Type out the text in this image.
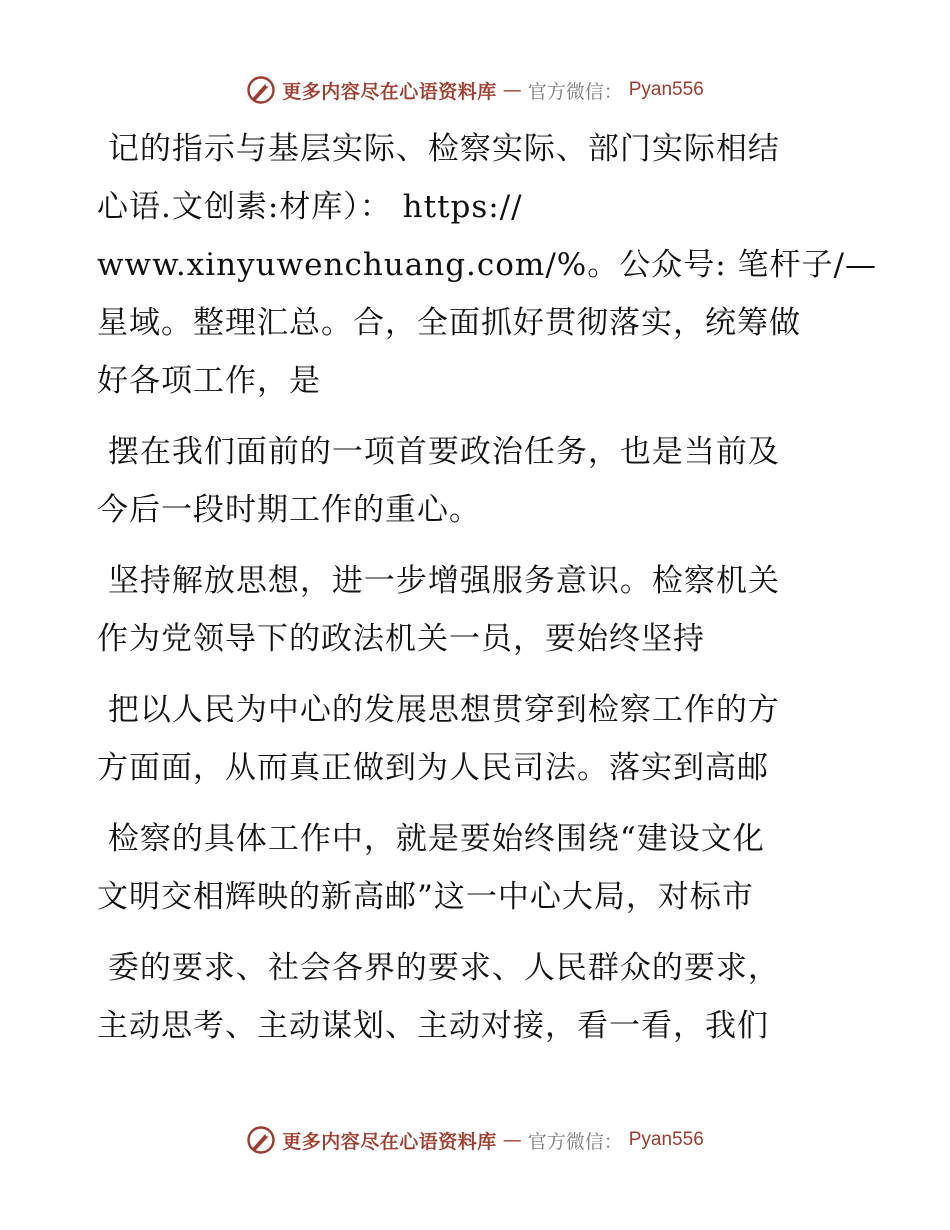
更多内容尽在心语资料库 — 官方微信： Pyan556
记的指示与基层实际、检察实际、部门实际相结
心语.文创素:材库）： https://
www.xinyuwenchuang.com/%。公众号: 笔杆子/—
星域。整理汇总。合，全面抓好贯彻落实，统筹做
好各项工作，是
摆在我们面前的一项首要政治任务，也是当前及
今后一段时期工作的重心。
坚持解放思想，进一步增强服务意识。检察机关
作为党领导下的政法机关一员，要始终坚持
把以人民为中心的发展思想贯穿到检察工作的方
方面面，从而真正做到为人民司法。落实到高邮
检察的具体工作中，就是要始终围绕“建设文化
文明交相辉映的新高邮”这一中心大局，对标市
委的要求、社会各界的要求、人民群众的要求，
主动思考、主动谋划、主动对接，看一看，我们
更多内容尽在心语资料库 — 官方微信： Pyan556
